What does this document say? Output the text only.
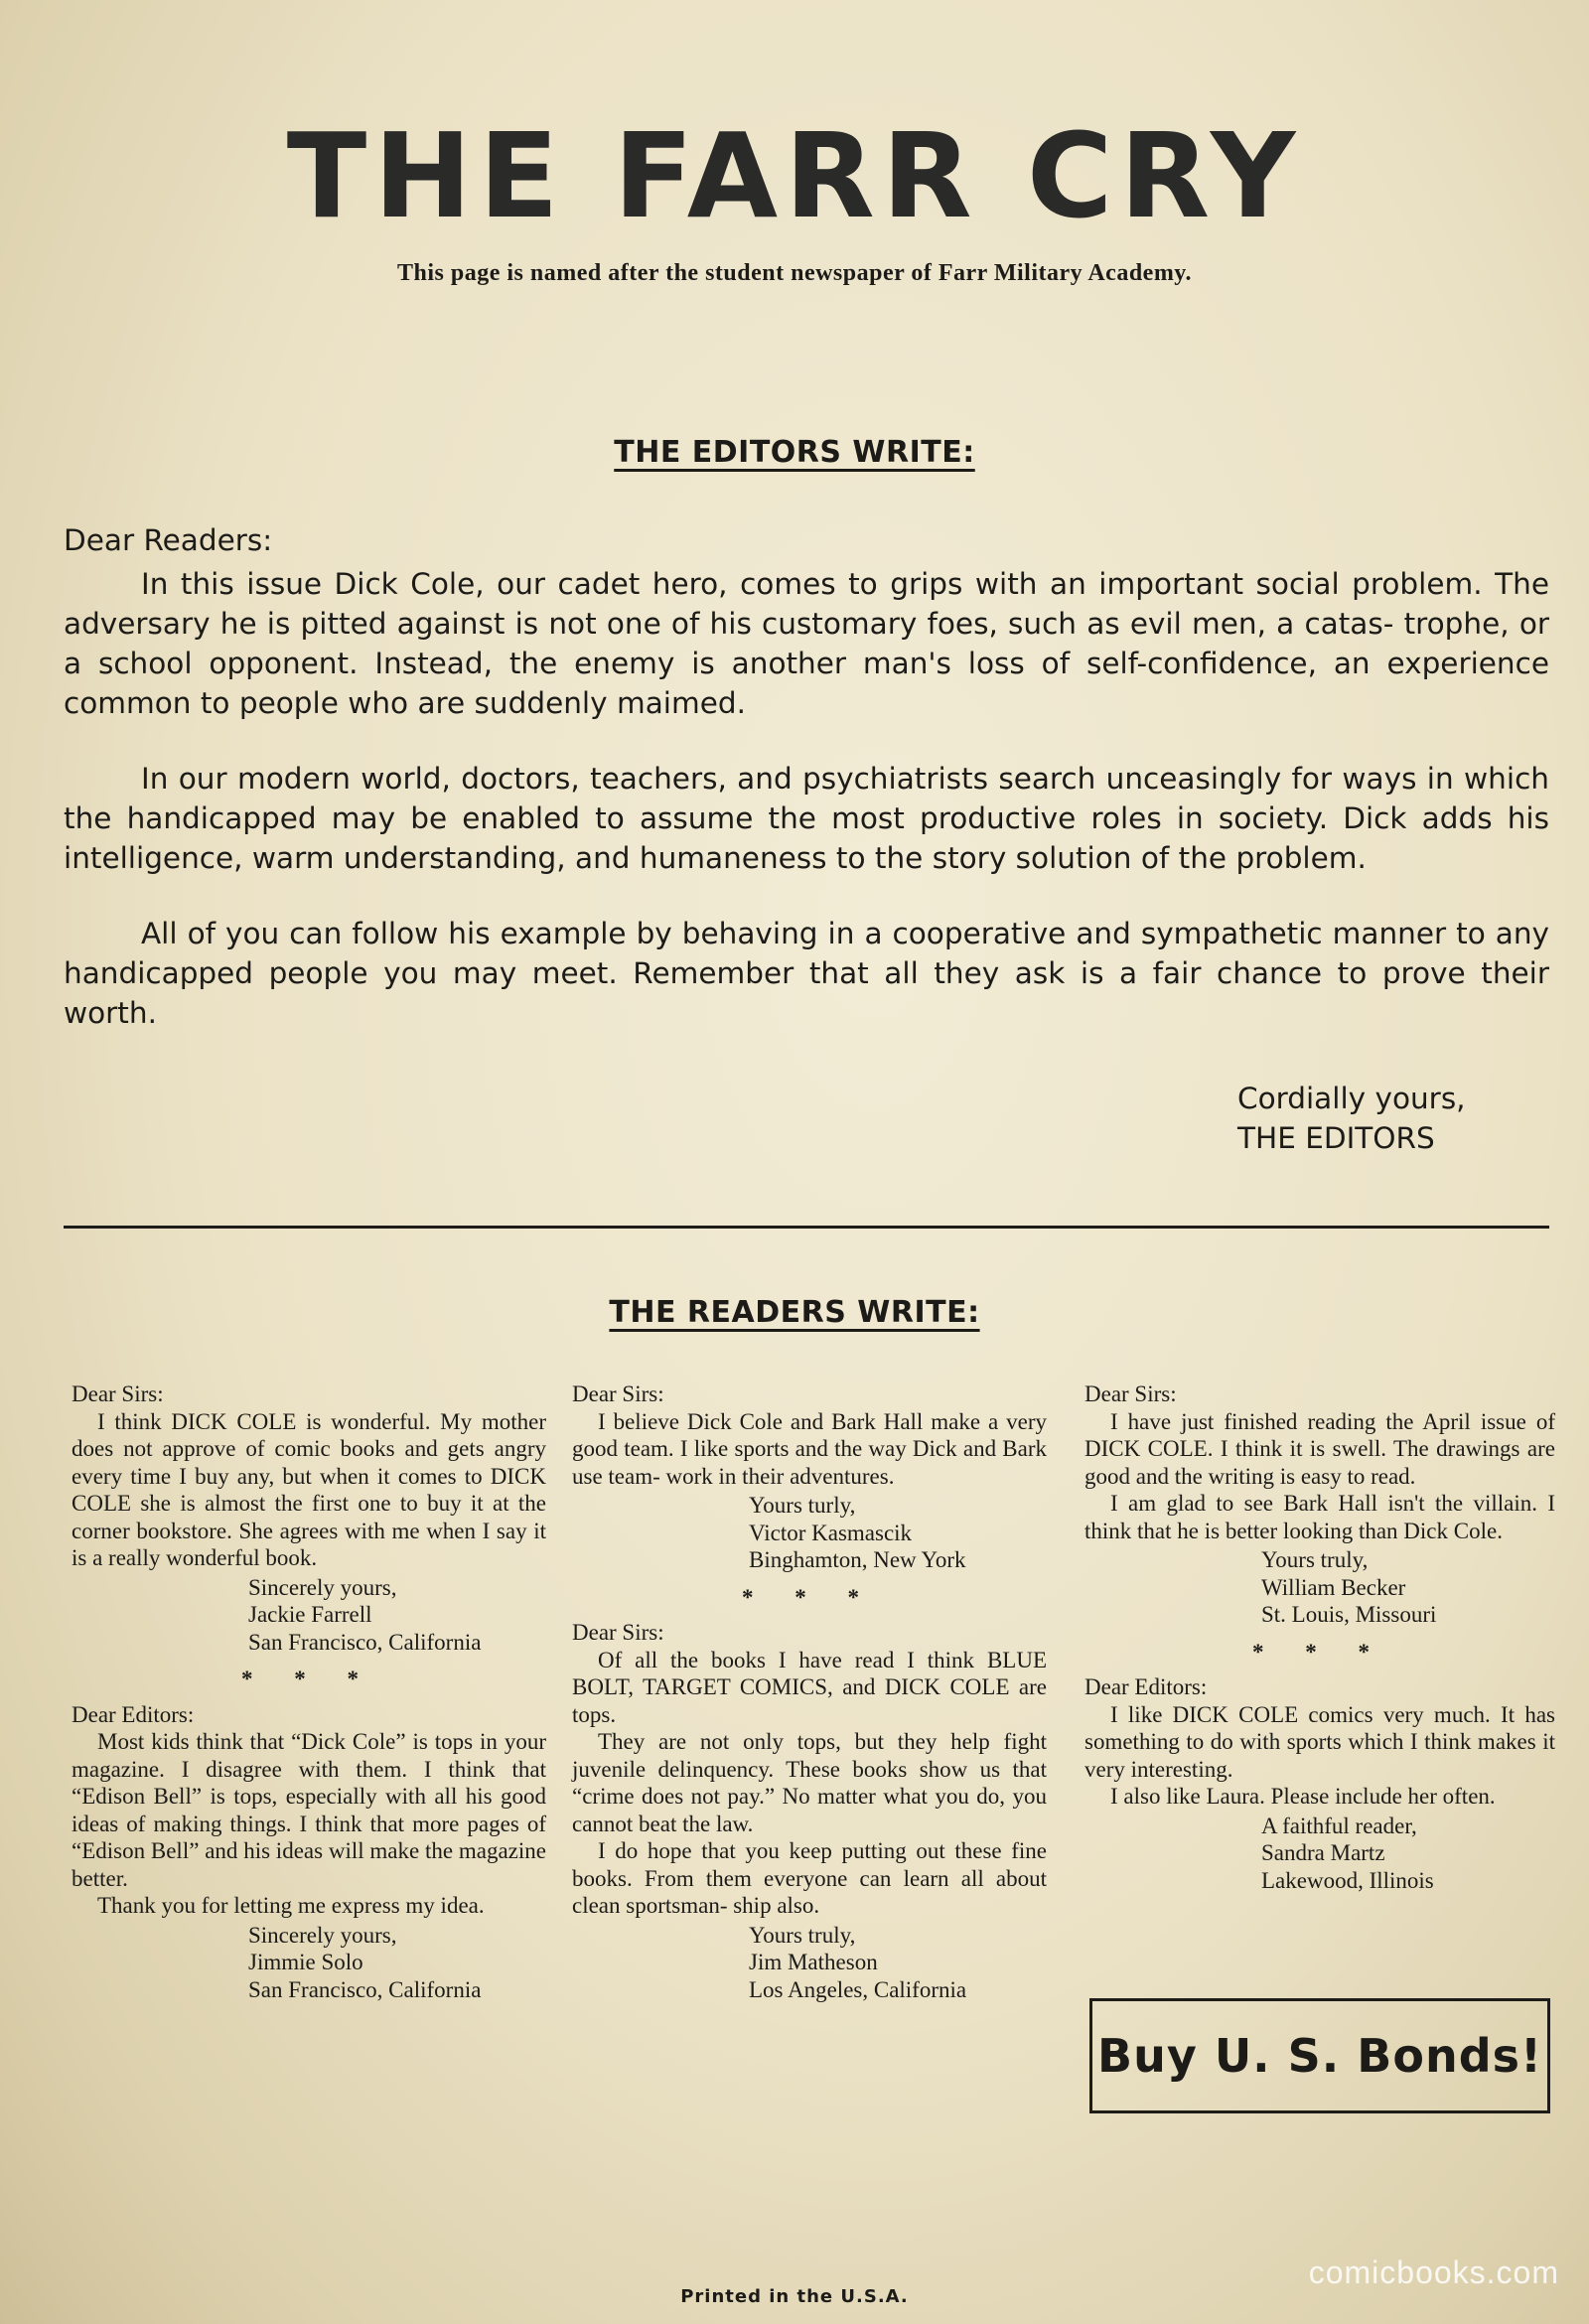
THE FARR CRY
This page is named after the student newspaper of Farr Military Academy.
THE EDITORS WRITE:

Dear Readers:

In this issue Dick Cole, our cadet hero, comes to grips with an important social problem. The adversary he is pitted against is not one of his customary foes, such as evil men, a catas- trophe, or a school opponent. Instead, the enemy is another man's loss of self-confidence, an experience common to people who are suddenly maimed.

In our modern world, doctors, teachers, and psychiatrists search unceasingly for ways in which the handicapped may be enabled to assume the most productive roles in society. Dick adds his intelligence, warm understanding, and humaneness to the story solution of the problem.

All of you can follow his example by behaving in a cooperative and sympathetic manner to any handicapped people you may meet. Remember that all they ask is a fair chance to prove their worth.

Cordially yours,
THE EDITORS
THE READERS WRITE:

Dear Sirs:

I think DICK COLE is wonderful. My mother does not approve of comic books and gets angry every time I buy any, but when it comes to DICK COLE she is almost the first one to buy it at the corner bookstore. She agrees with me when I say it is a really wonderful book.

Sincerely yours,
Jackie Farrell
San Francisco, California
* * *

Dear Editors:

Most kids think that “Dick Cole” is tops in your magazine. I disagree with them. I think that “Edison Bell” is tops, especially with all his good ideas of making things. I think that more pages of “Edison Bell” and his ideas will make the magazine better.

Thank you for letting me express my idea.

Sincerely yours,
Jimmie Solo
San Francisco, California

Dear Sirs:

I believe Dick Cole and Bark Hall make a very good team. I like sports and the way Dick and Bark use team- work in their adventures.

Yours turly,
Victor Kasmascik
Binghamton, New York
* * *

Dear Sirs:

Of all the books I have read I think BLUE BOLT, TARGET COMICS, and DICK COLE are tops.

They are not only tops, but they help fight juvenile delinquency. These books show us that “crime does not pay.” No matter what you do, you cannot beat the law.

I do hope that you keep putting out these fine books. From them everyone can learn all about clean sportsman- ship also.

Yours truly,
Jim Matheson
Los Angeles, California

Dear Sirs:

I have just finished reading the April issue of DICK COLE. I think it is swell. The drawings are good and the writing is easy to read.

I am glad to see Bark Hall isn't the villain. I think that he is better looking than Dick Cole.

Yours truly,
William Becker
St. Louis, Missouri
* * *

Dear Editors:

I like DICK COLE comics very much. It has something to do with sports which I think makes it very interesting.

I also like Laura. Please include her often.

A faithful reader,
Sandra Martz
Lakewood, Illinois
Buy U. S. Bonds!
Printed in the U.S.A.
comicbooks.com
